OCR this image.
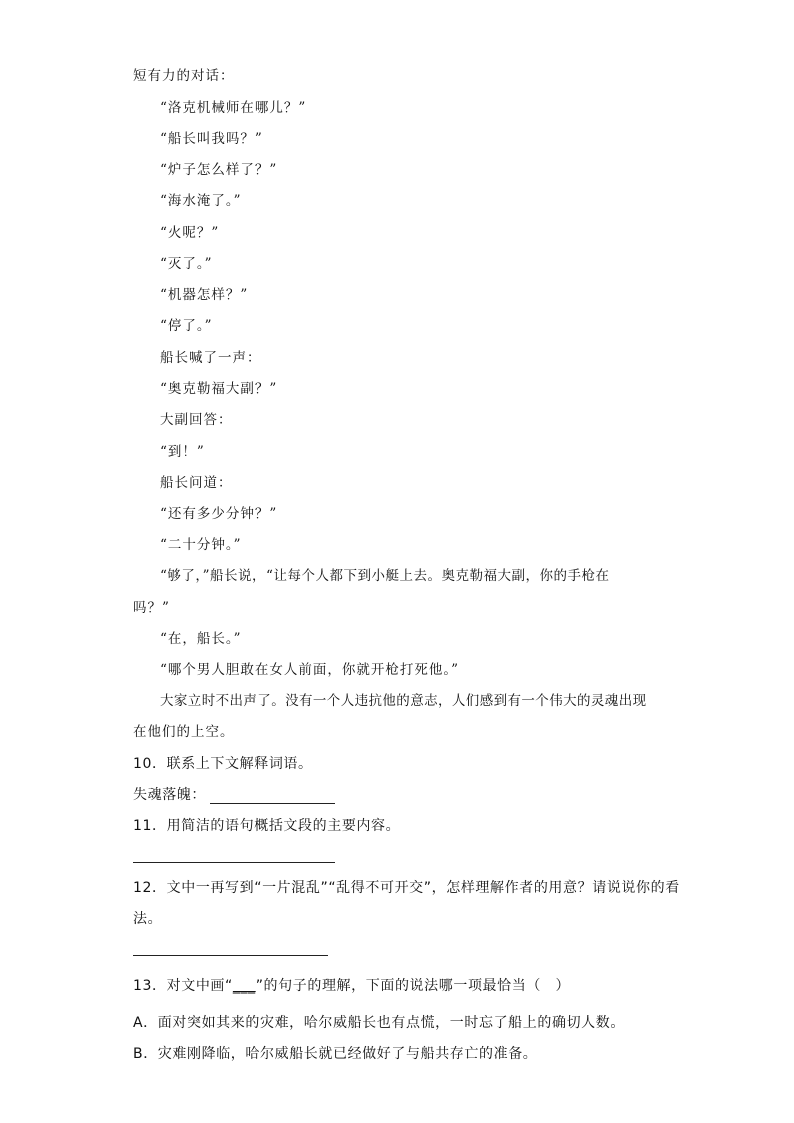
短有力的对话：
“洛克机械师在哪儿？”
“船长叫我吗？”
“炉子怎么样了？”
“海水淹了。”
“火呢？”
“灭了。”
“机器怎样？”
“停了。”
船长喊了一声：
“奥克勒福大副？”
大副回答：
“到！”
船长问道：
“还有多少分钟？”
“二十分钟。”
“够了，”船长说，“让每个人都下到小艇上去。奥克勒福大副，你的手枪在
吗？”
“在，船长。”
“哪个男人胆敢在女人前面，你就开枪打死他。”
大家立时不出声了。没有一个人违抗他的意志，人们感到有一个伟大的灵魂出现
在他们的上空。
10．联系上下文解释词语。
失魂落魄：
11．用简洁的语句概括文段的主要内容。
12．文中一再写到“一片混乱”“乱得不可开交”，怎样理解作者的用意？请说说你的看
法。
13．对文中画“___”的句子的理解，下面的说法哪一项最恰当（　）
A．面对突如其来的灾难，哈尔威船长也有点慌，一时忘了船上的确切人数。
B．灾难刚降临，哈尔威船长就已经做好了与船共存亡的准备。
